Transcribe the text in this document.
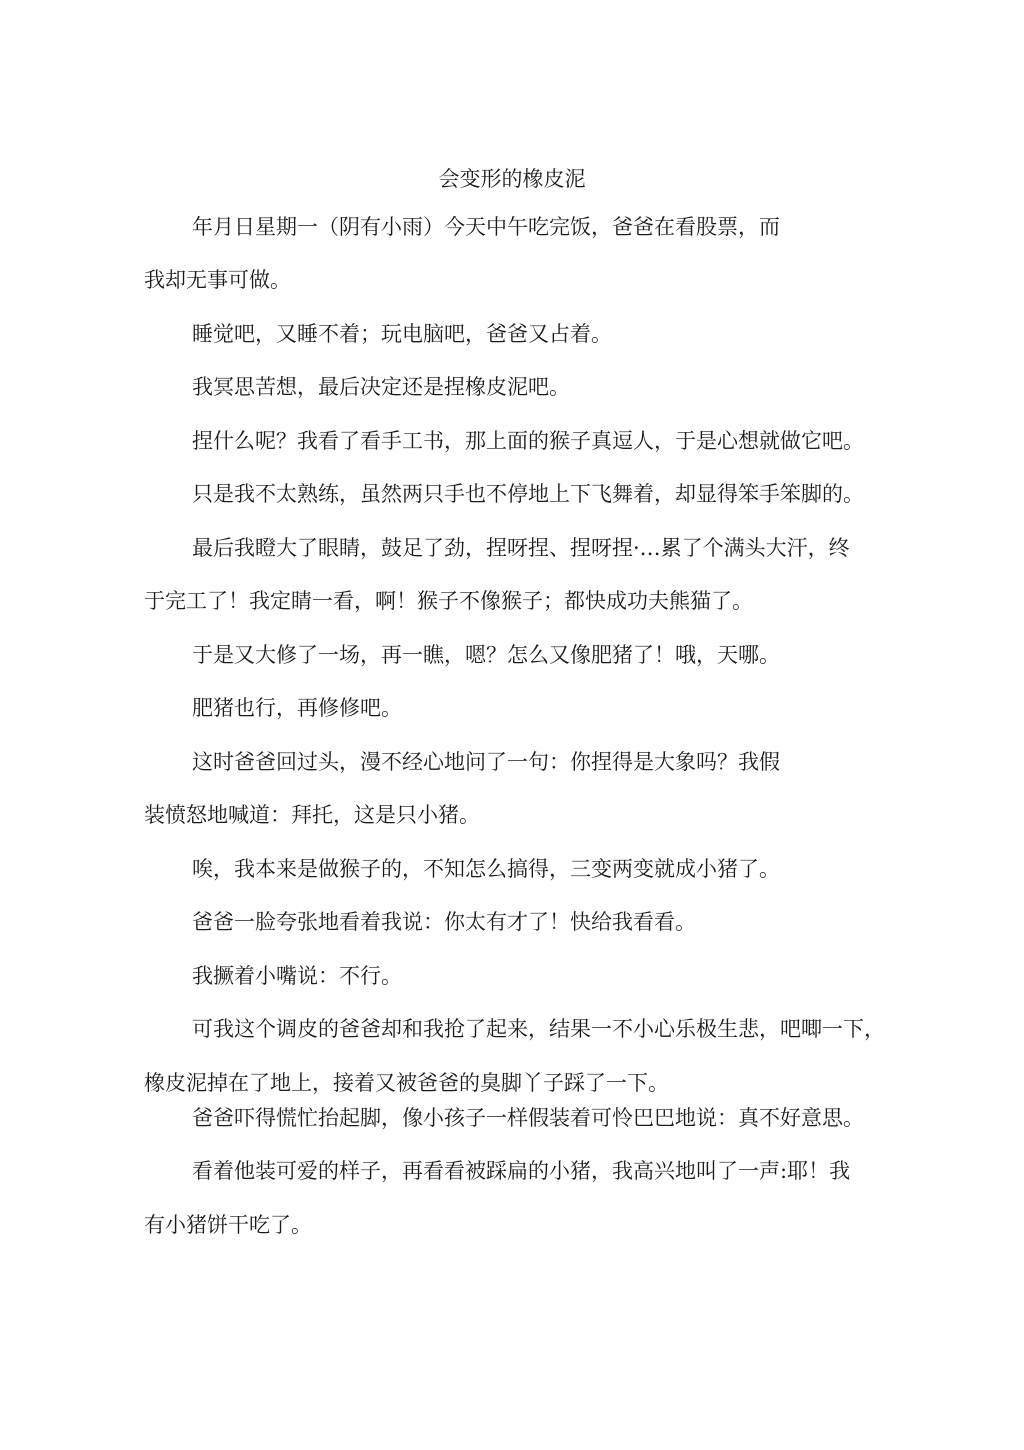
会变形的橡皮泥
年月日星期一（阴有小雨）今天中午吃完饭，爸爸在看股票，而
我却无事可做。
睡觉吧，又睡不着；玩电脑吧，爸爸又占着。
我冥思苦想，最后决定还是捏橡皮泥吧。
捏什么呢？我看了看手工书，那上面的猴子真逗人，于是心想就做它吧。
只是我不太熟练，虽然两只手也不停地上下飞舞着，却显得笨手笨脚的。
最后我瞪大了眼睛，鼓足了劲，捏呀捏、捏呀捏·…累了个满头大汗，终
于完工了！我定睛一看，啊！猴子不像猴子；都快成功夫熊猫了。
于是又大修了一场，再一瞧，嗯？怎么又像肥猪了！哦，天哪。
肥猪也行，再修修吧。
这时爸爸回过头，漫不经心地问了一句：你捏得是大象吗？我假
装愤怒地喊道：拜托，这是只小猪。
唉，我本来是做猴子的，不知怎么搞得，三变两变就成小猪了。
爸爸一脸夸张地看着我说：你太有才了！快给我看看。
我撅着小嘴说：不行。
可我这个调皮的爸爸却和我抢了起来，结果一不小心乐极生悲，吧唧一下，
橡皮泥掉在了地上，接着又被爸爸的臭脚丫子踩了一下。
爸爸吓得慌忙抬起脚，像小孩子一样假装着可怜巴巴地说：真不好意思。
看着他装可爱的样子，再看看被踩扁的小猪，我高兴地叫了一声:耶！我
有小猪饼干吃了。
